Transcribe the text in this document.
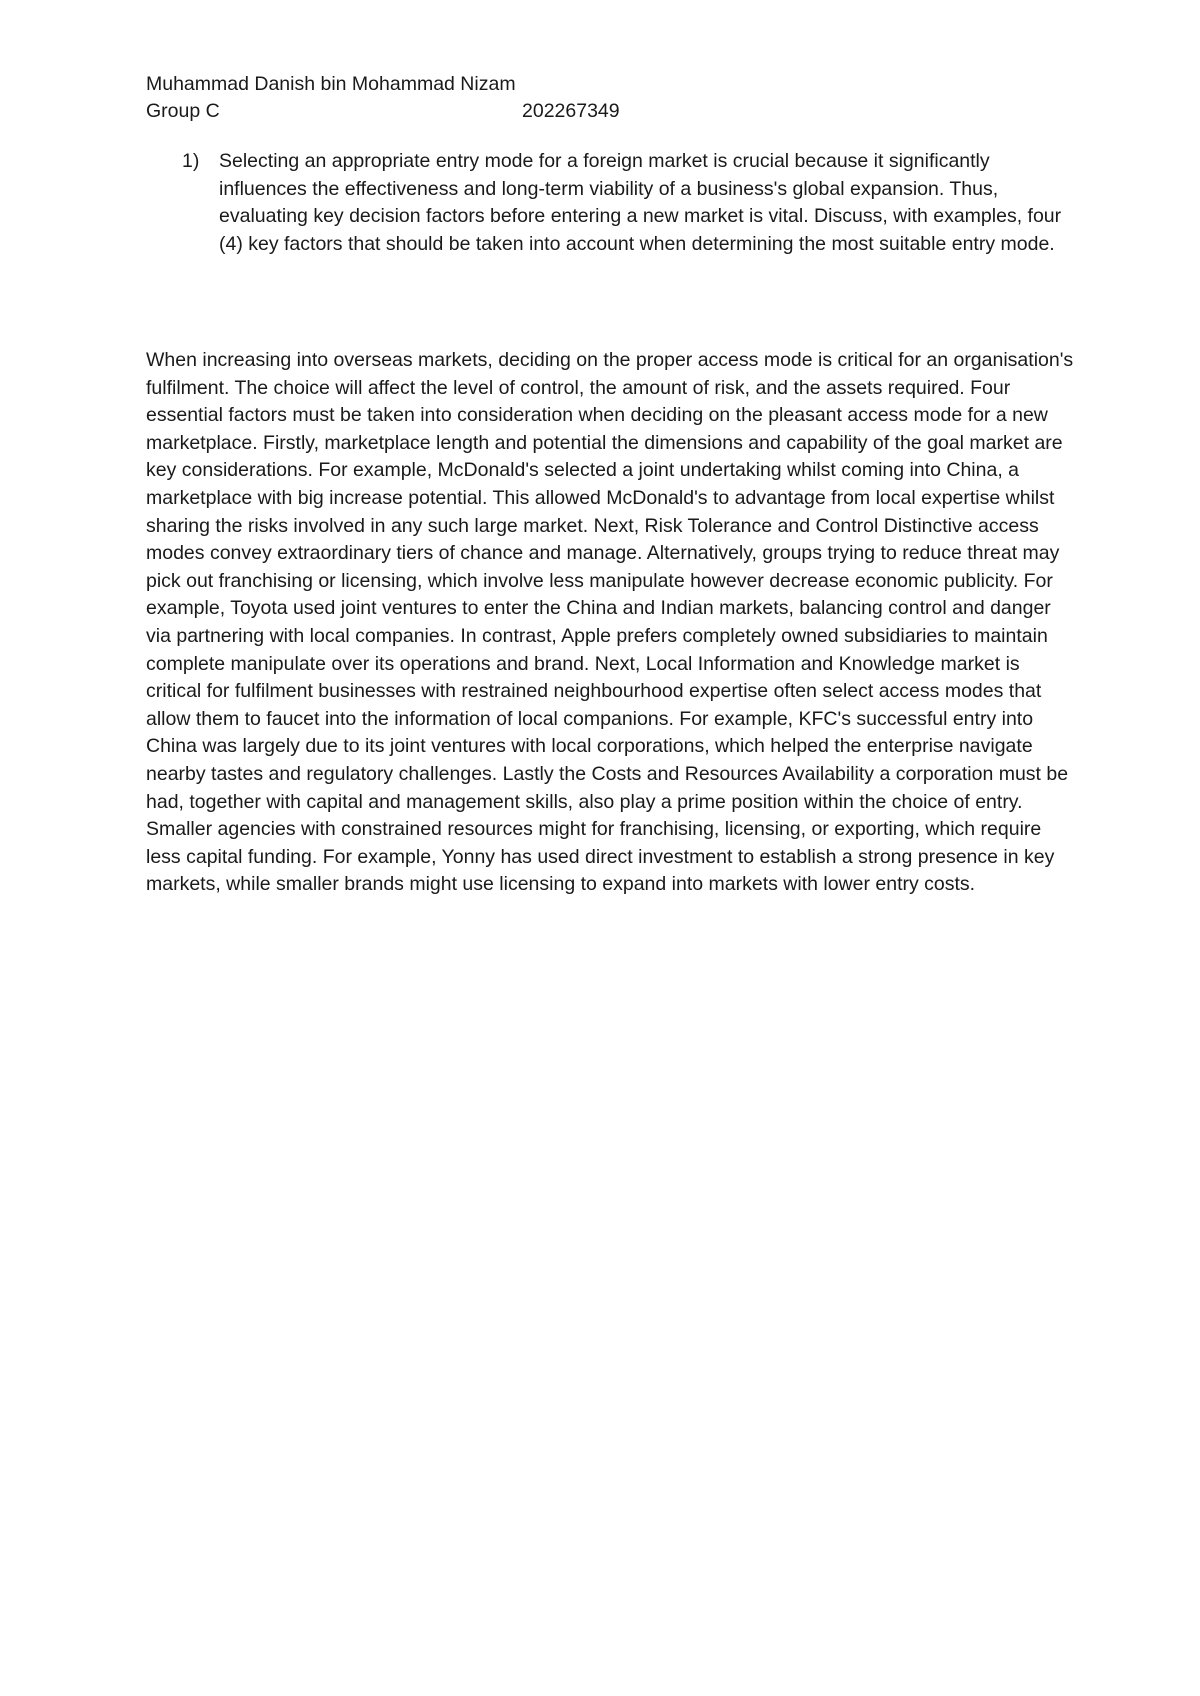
Muhammad Danish bin Mohammad Nizam
Group C	202267349
1)	Selecting an appropriate entry mode for a foreign market is crucial because it significantly influences the effectiveness and long-term viability of a business's global expansion. Thus, evaluating key decision factors before entering a new market is vital. Discuss, with examples, four (4) key factors that should be taken into account when determining the most suitable entry mode.
When increasing into overseas markets, deciding on the proper access mode is critical for an organisation's fulfilment. The choice will affect the level of control, the amount of risk, and the assets required. Four essential factors must be taken into consideration when deciding on the pleasant access mode for a new marketplace. Firstly, marketplace length and potential the dimensions and capability of the goal market are key considerations. For example, McDonald's selected a joint undertaking whilst coming into China, a marketplace with big increase potential. This allowed McDonald's to advantage from local expertise whilst sharing the risks involved in any such large market. Next, Risk Tolerance and Control Distinctive access modes convey extraordinary tiers of chance and manage. Alternatively, groups trying to reduce threat may pick out franchising or licensing, which involve less manipulate however decrease economic publicity. For example, Toyota used joint ventures to enter the China and Indian markets, balancing control and danger via partnering with local companies. In contrast, Apple prefers completely owned subsidiaries to maintain complete manipulate over its operations and brand. Next, Local Information and Knowledge market is critical for fulfilment businesses with restrained neighbourhood expertise often select access modes that allow them to faucet into the information of local companions. For example, KFC's successful entry into China was largely due to its joint ventures with local corporations, which helped the enterprise navigate nearby tastes and regulatory challenges. Lastly the Costs and Resources Availability a corporation must be had, together with capital and management skills, also play a prime position within the choice of entry. Smaller agencies with constrained resources might for franchising, licensing, or exporting, which require less capital funding. For example, Yonny has used direct investment to establish a strong presence in key markets, while smaller brands might use licensing to expand into markets with lower entry costs.
